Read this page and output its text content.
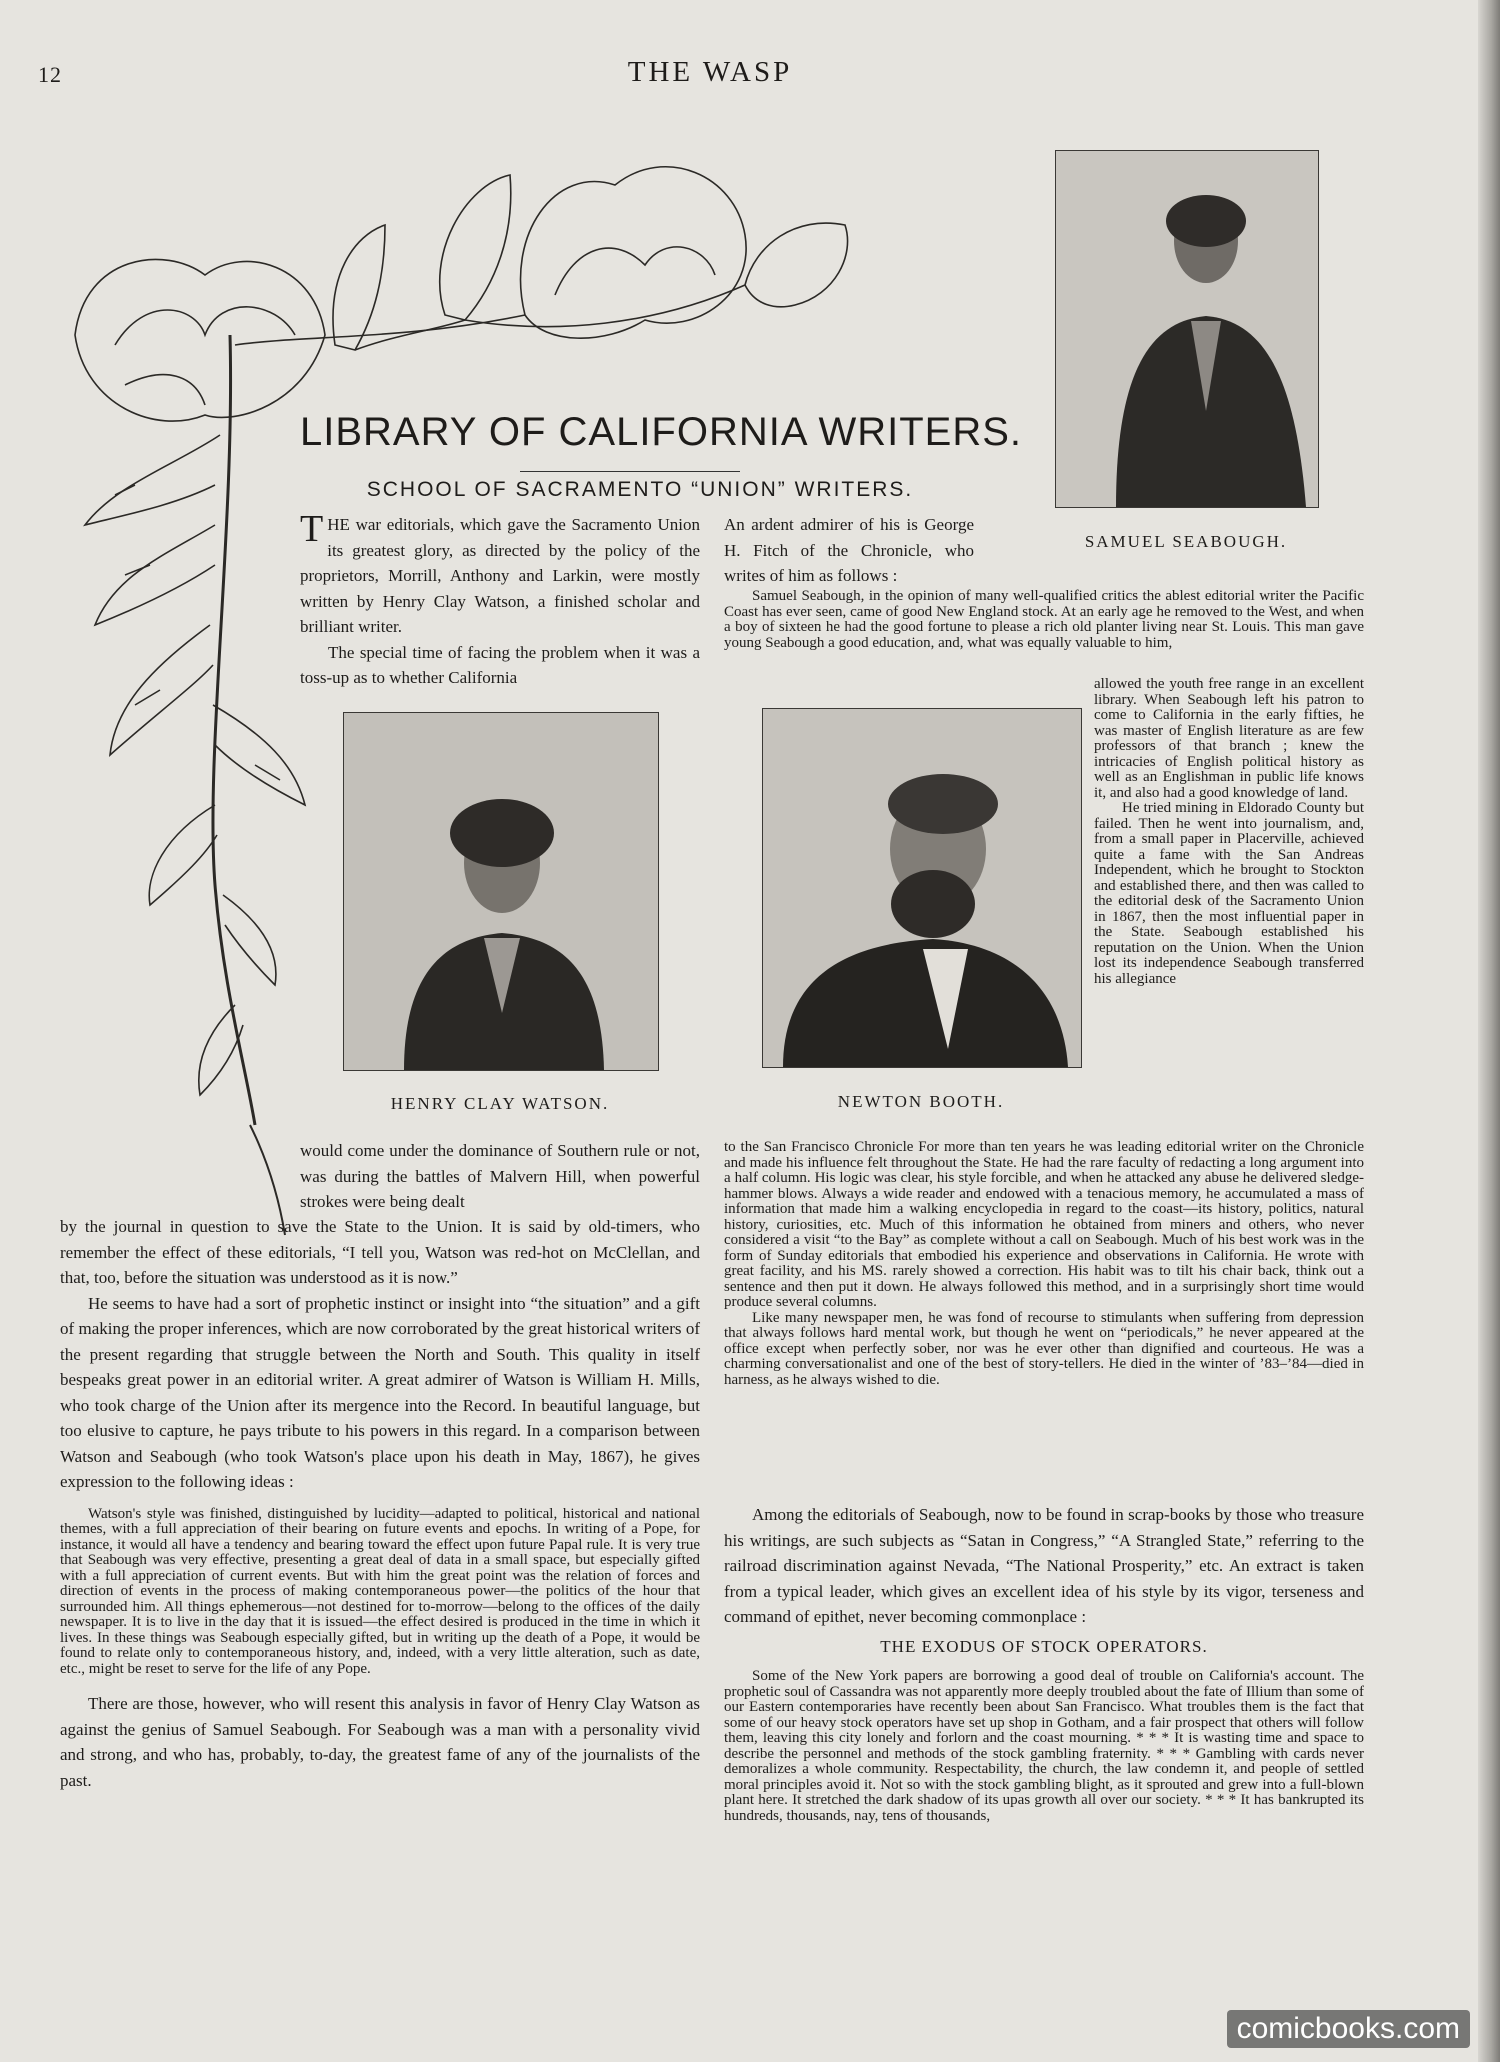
12	THE WASP
LIBRARY OF CALIFORNIA WRITERS.
SCHOOL OF SACRAMENTO “UNION” WRITERS.
SAMUEL SEABOUGH.
HENRY CLAY WATSON.	NEWTON BOOTH.

THE war editorials, which gave the Sacramento Union its greatest glory, as directed by the policy of the proprietors, Morrill, Anthony and Larkin, were mostly written by Henry Clay Watson, a finished scholar and brilliant writer.

The special time of facing the problem when it was a toss-up as to whether California

An ardent admirer of his is George H. Fitch of the Chronicle, who writes of him as follows :

Samuel Seabough, in the opinion of many well-qualified critics the ablest editorial writer the Pacific Coast has ever seen, came of good New England stock. At an early age he removed to the West, and when a boy of sixteen he had the good fortune to please a rich old planter living near St. Louis. This man gave young Seabough a good education, and, what was equally valuable to him,

allowed the youth free range in an excellent library. When Seabough left his patron to come to California in the early fifties, he was master of English literature as are few professors of that branch ; knew the intricacies of English political history as well as an Englishman in public life knows it, and also had a good knowledge of land.

He tried mining in Eldorado County but failed. Then he went into journalism, and, from a small paper in Placerville, achieved quite a fame with the San Andreas Independent, which he brought to Stockton and established there, and then was called to the editorial desk of the Sacramento Union in 1867, then the most influential paper in the State. Seabough established his reputation on the Union. When the Union lost its independence Seabough transferred his allegiance

to the San Francisco Chronicle For more than ten years he was leading editorial writer on the Chronicle and made his influence felt throughout the State. He had the rare faculty of redacting a long argument into a half column. His logic was clear, his style forcible, and when he attacked any abuse he delivered sledge-hammer blows. Always a wide reader and endowed with a tenacious memory, he accumulated a mass of information that made him a walking encyclopedia in regard to the coast—its history, politics, natural history, curiosities, etc. Much of this information he obtained from miners and others, who never considered a visit “to the Bay” as complete without a call on Seabough. Much of his best work was in the form of Sunday editorials that embodied his experience and observations in California. He wrote with great facility, and his MS. rarely showed a correction. His habit was to tilt his chair back, think out a sentence and then put it down. He always followed this method, and in a surprisingly short time would produce several columns.

Like many newspaper men, he was fond of recourse to stimulants when suffering from depression that always follows hard mental work, but though he went on “periodicals,” he never appeared at the office except when perfectly sober, nor was he ever other than dignified and courteous. He was a charming conversationalist and one of the best of story-tellers. He died in the winter of ’83–’84—died in harness, as he always wished to die.

would come under the dominance of Southern rule or not, was during the battles of Malvern Hill, when powerful strokes were being dealt

by the journal in question to save the State to the Union. It is said by old-timers, who remember the effect of these editorials, “I tell you, Watson was red-hot on McClellan, and that, too, before the situation was understood as it is now.”

He seems to have had a sort of prophetic instinct or insight into “the situation” and a gift of making the proper inferences, which are now corroborated by the great historical writers of the present regarding that struggle between the North and South. This quality in itself bespeaks great power in an editorial writer. A great admirer of Watson is William H. Mills, who took charge of the Union after its mergence into the Record. In beautiful language, but too elusive to capture, he pays tribute to his powers in this regard. In a comparison between Watson and Seabough (who took Watson's place upon his death in May, 1867), he gives expression to the following ideas :

Watson's style was finished, distinguished by lucidity—adapted to political, historical and national themes, with a full appreciation of their bearing on future events and epochs. In writing of a Pope, for instance, it would all have a tendency and bearing toward the effect upon future Papal rule. It is very true that Seabough was very effective, presenting a great deal of data in a small space, but especially gifted with a full appreciation of current events. But with him the great point was the relation of forces and direction of events in the process of making contemporaneous power—the politics of the hour that surrounded him. All things ephemerous—not destined for to-morrow—belong to the offices of the daily newspaper. It is to live in the day that it is issued—the effect desired is produced in the time in which it lives. In these things was Seabough especially gifted, but in writing up the death of a Pope, it would be found to relate only to contemporaneous history, and, indeed, with a very little alteration, such as date, etc., might be reset to serve for the life of any Pope.

There are those, however, who will resent this analysis in favor of Henry Clay Watson as against the genius of Samuel Seabough. For Seabough was a man with a personality vivid and strong, and who has, probably, to-day, the greatest fame of any of the journalists of the past.

Among the editorials of Seabough, now to be found in scrap-books by those who treasure his writings, are such subjects as “Satan in Congress,” “A Strangled State,” referring to the railroad discrimination against Nevada, “The National Prosperity,” etc. An extract is taken from a typical leader, which gives an excellent idea of his style by its vigor, terseness and command of epithet, never becoming commonplace :

THE EXODUS OF STOCK OPERATORS.

Some of the New York papers are borrowing a good deal of trouble on California's account. The prophetic soul of Cassandra was not apparently more deeply troubled about the fate of Illium than some of our Eastern contemporaries have recently been about San Francisco. What troubles them is the fact that some of our heavy stock operators have set up shop in Gotham, and a fair prospect that others will follow them, leaving this city lonely and forlorn and the coast mourning. * * * It is wasting time and space to describe the personnel and methods of the stock gambling fraternity. * * * Gambling with cards never demoralizes a whole community. Respectability, the church, the law condemn it, and people of settled moral principles avoid it. Not so with the stock gambling blight, as it sprouted and grew into a full-blown plant here. It stretched the dark shadow of its upas growth all over our society. * * * It has bankrupted its hundreds, thousands, nay, tens of thousands,

comicbooks.com
